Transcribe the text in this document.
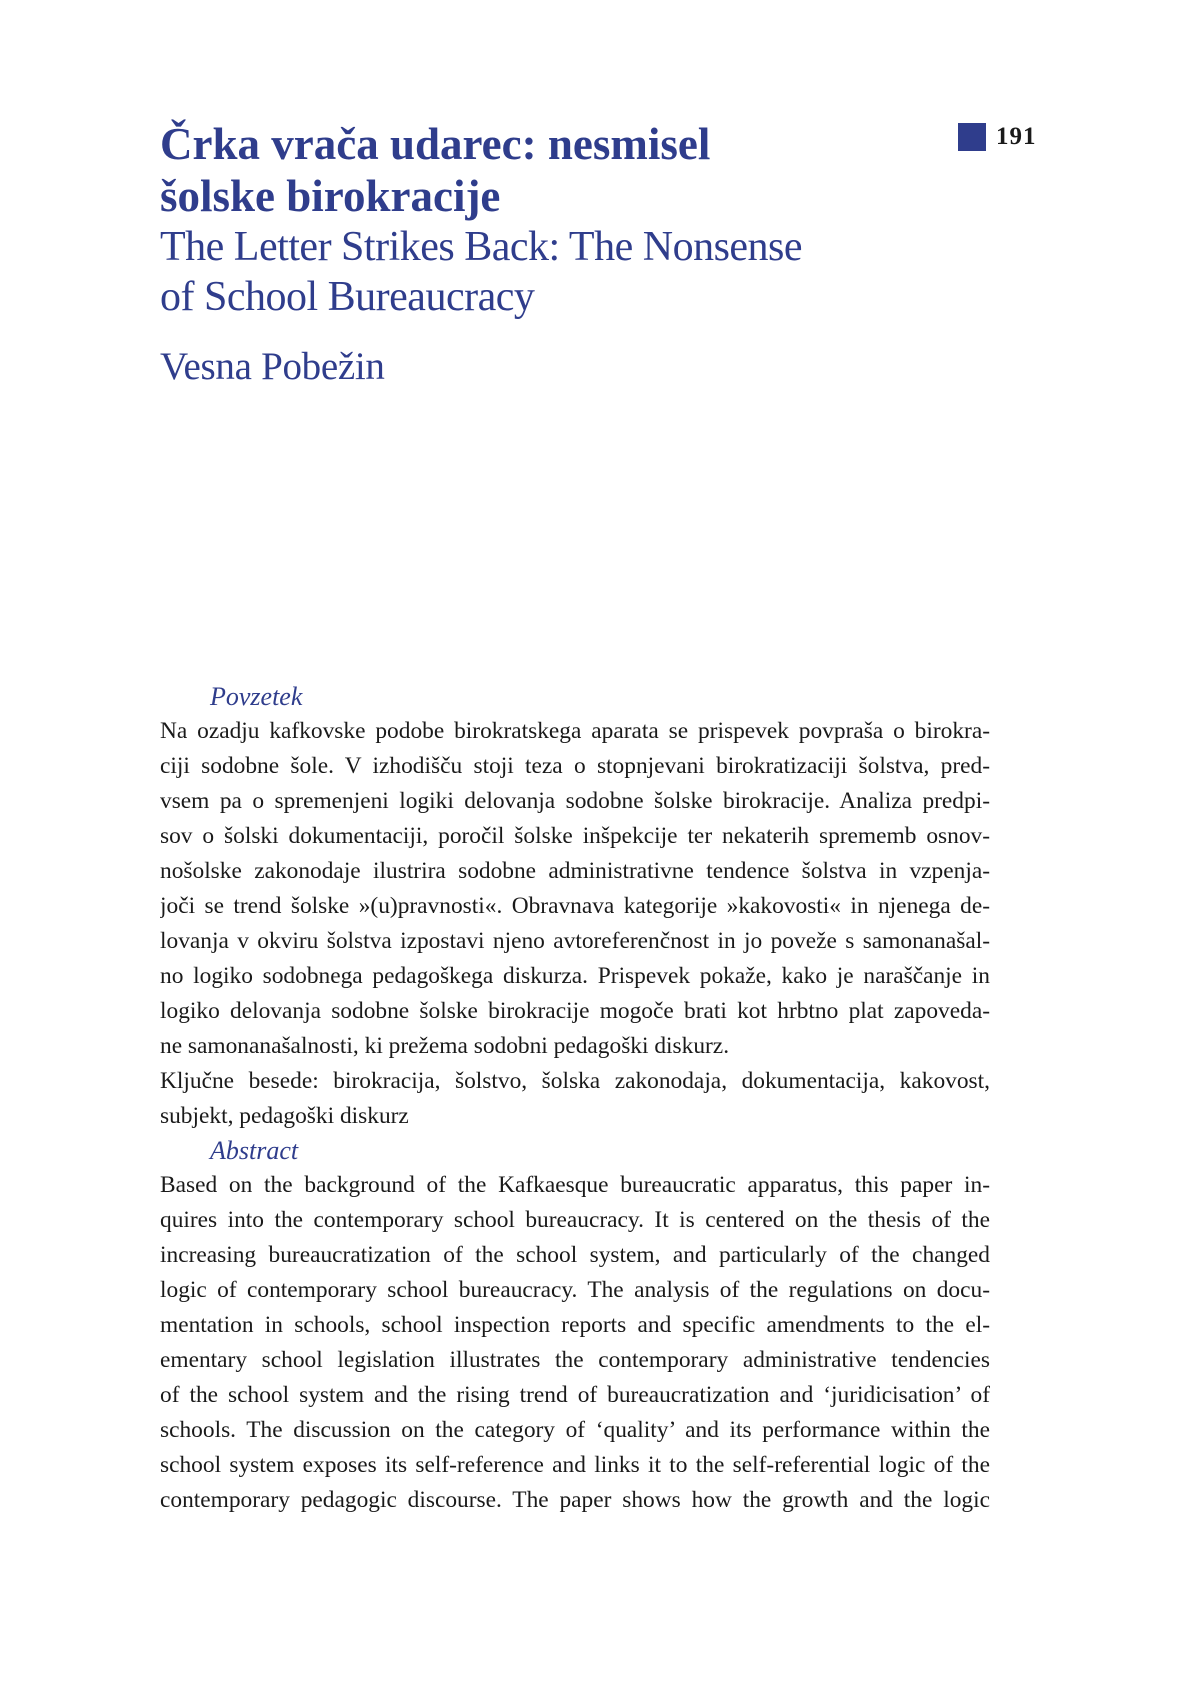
Črka vrača udarec: nesmisel
šolske birokracije
The Letter Strikes Back: The Nonsense
of School Bureaucracy
Vesna Pobežin
191
Povzetek
Na ozadju kafkovske podobe birokratskega aparata se prispevek povpraša o birokra-
ciji sodobne šole. V izhodišču stoji teza o stopnjevani birokratizaciji šolstva, pred-
vsem pa o spremenjeni logiki delovanja sodobne šolske birokracije. Analiza predpi-
sov o šolski dokumentaciji, poročil šolske inšpekcije ter nekaterih sprememb osnov-
nošolske zakonodaje ilustrira sodobne administrativne tendence šolstva in vzpenja-
joči se trend šolske »(u)pravnosti«. Obravnava kategorije »kakovosti« in njenega de-
lovanja v okviru šolstva izpostavi njeno avtoreferenčnost in jo poveže s samonanašal-
no logiko sodobnega pedagoškega diskurza. Prispevek pokaže, kako je naraščanje in
logiko delovanja sodobne šolske birokracije mogoče brati kot hrbtno plat zapoveda-
ne samonanašalnosti, ki prežema sodobni pedagoški diskurz.
Ključne besede: birokracija, šolstvo, šolska zakonodaja, dokumentacija, kakovost,
subjekt, pedagoški diskurz
Abstract
Based on the background of the Kafkaesque bureaucratic apparatus, this paper in-
quires into the contemporary school bureaucracy. It is centered on the thesis of the
increasing bureaucratization of the school system, and particularly of the changed
logic of contemporary school bureaucracy. The analysis of the regulations on docu-
mentation in schools, school inspection reports and specific amendments to the el-
ementary school legislation illustrates the contemporary administrative tendencies
of the school system and the rising trend of bureaucratization and ‘juridicisation’ of
schools. The discussion on the category of ‘quality’ and its performance within the
school system exposes its self-reference and links it to the self-referential logic of the
contemporary pedagogic discourse. The paper shows how the growth and the logic
